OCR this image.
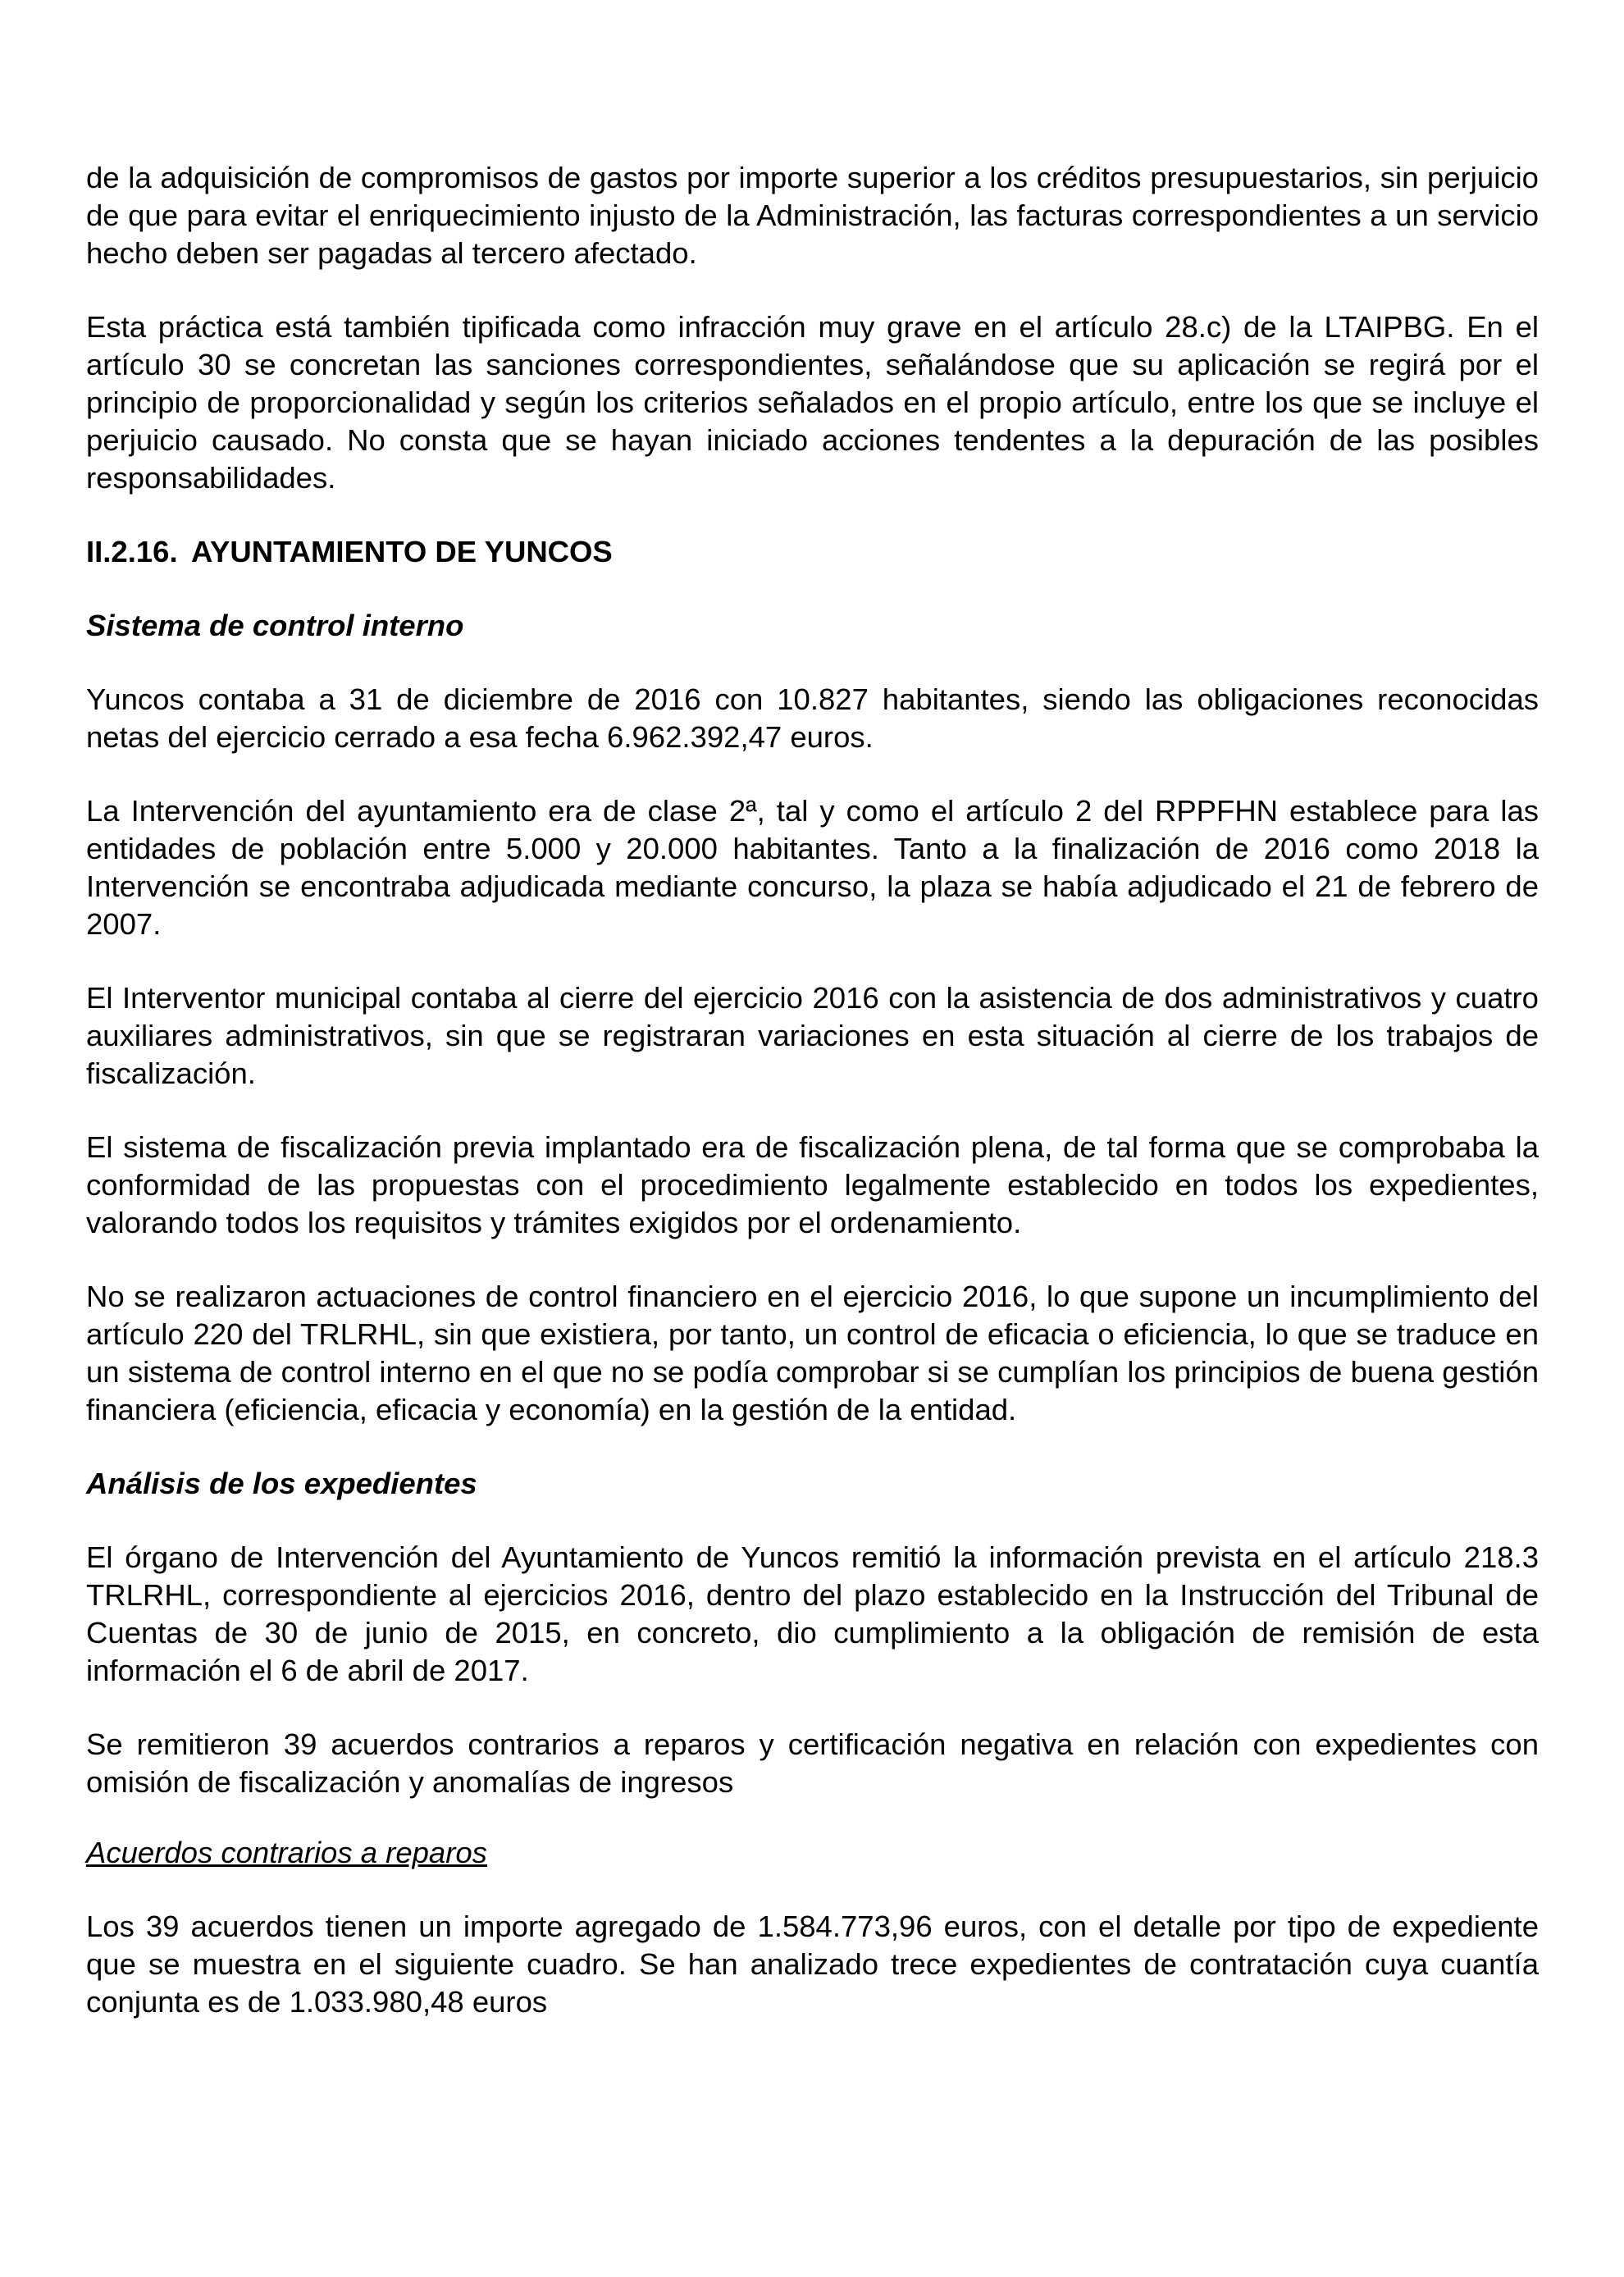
de la adquisición de compromisos de gastos por importe superior a los créditos presupuestarios, sin perjuicio de que para evitar el enriquecimiento injusto de la Administración, las facturas correspondientes a un servicio hecho deben ser pagadas al tercero afectado.

Esta práctica está también tipificada como infracción muy grave en el artículo 28.c) de la LTAIPBG. En el artículo 30 se concretan las sanciones correspondientes, señalándose que su aplicación se regirá por el principio de proporcionalidad y según los criterios señalados en el propio artículo, entre los que se incluye el perjuicio causado. No consta que se hayan iniciado acciones tendentes a la depuración de las posibles responsabilidades.

II.2.16. AYUNTAMIENTO DE YUNCOS
Sistema de control interno

Yuncos contaba a 31 de diciembre de 2016 con 10.827 habitantes, siendo las obligaciones reconocidas netas del ejercicio cerrado a esa fecha 6.962.392,47 euros.

La Intervención del ayuntamiento era de clase 2ª, tal y como el artículo 2 del RPPFHN establece para las entidades de población entre 5.000 y 20.000 habitantes. Tanto a la finalización de 2016 como 2018 la Intervención se encontraba adjudicada mediante concurso, la plaza se había adjudicado el 21 de febrero de 2007.

El Interventor municipal contaba al cierre del ejercicio 2016 con la asistencia de dos administrativos y cuatro auxiliares administrativos, sin que se registraran variaciones en esta situación al cierre de los trabajos de fiscalización.

El sistema de fiscalización previa implantado era de fiscalización plena, de tal forma que se comprobaba la conformidad de las propuestas con el procedimiento legalmente establecido en todos los expedientes, valorando todos los requisitos y trámites exigidos por el ordenamiento.

No se realizaron actuaciones de control financiero en el ejercicio 2016, lo que supone un incumplimiento del artículo 220 del TRLRHL, sin que existiera, por tanto, un control de eficacia o eficiencia, lo que se traduce en un sistema de control interno en el que no se podía comprobar si se cumplían los principios de buena gestión financiera (eficiencia, eficacia y economía) en la gestión de la entidad.

Análisis de los expedientes

El órgano de Intervención del Ayuntamiento de Yuncos remitió la información prevista en el artículo 218.3 TRLRHL, correspondiente al ejercicios 2016, dentro del plazo establecido en la Instrucción del Tribunal de Cuentas de 30 de junio de 2015, en concreto, dio cumplimiento a la obligación de remisión de esta información el 6 de abril de 2017.

Se remitieron 39 acuerdos contrarios a reparos y certificación negativa en relación con expedientes con omisión de fiscalización y anomalías de ingresos

Acuerdos contrarios a reparos

Los 39 acuerdos tienen un importe agregado de 1.584.773,96 euros, con el detalle por tipo de expediente que se muestra en el siguiente cuadro. Se han analizado trece expedientes de contratación cuya cuantía conjunta es de 1.033.980,48 euros
